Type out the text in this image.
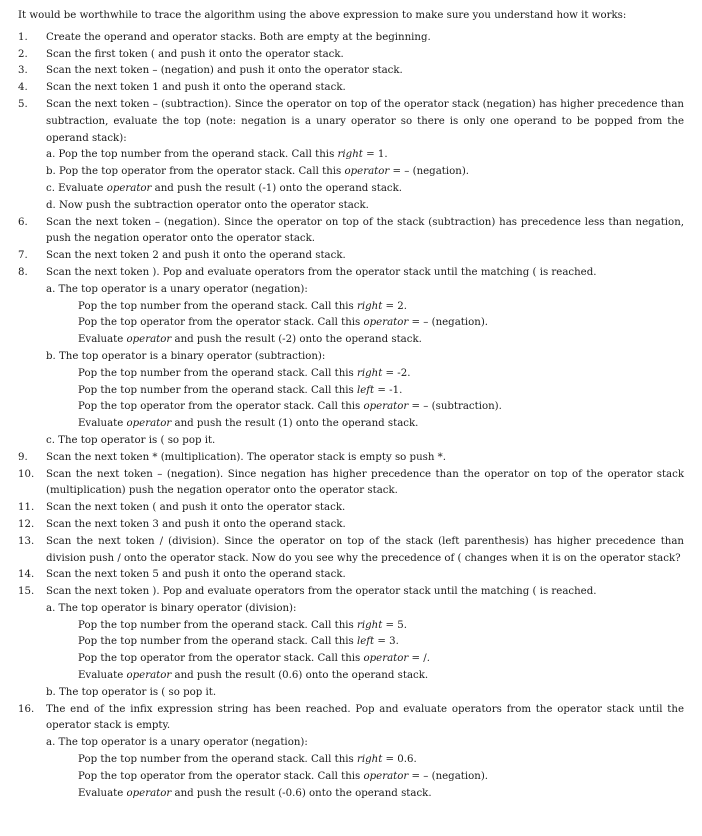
It would be worthwhile to trace the algorithm using the above expression to make sure you understand how it works:
1.	Create the operand and operator stacks. Both are empty at the beginning.
2.	Scan the first token ( and push it onto the operator stack.
3.	Scan the next token – (negation) and push it onto the operator stack.
4.	Scan the next token 1 and push it onto the operand stack.
5.	Scan the next token – (subtraction). Since the operator on top of the operator stack (negation) has higher precedence than subtraction, evaluate the top (note: negation is a unary operator so there is only one operand to be popped from the operand stack):
a. Pop the top number from the operand stack. Call this right = 1.
b. Pop the top operator from the operator stack. Call this operator = – (negation).
c. Evaluate operator and push the result (-1) onto the operand stack.
d. Now push the subtraction operator onto the operator stack.
6.	Scan the next token – (negation). Since the operator on top of the stack (subtraction) has precedence less than negation, push the negation operator onto the operator stack.
7.	Scan the next token 2 and push it onto the operand stack.
8.	Scan the next token ). Pop and evaluate operators from the operator stack until the matching ( is reached.
a. The top operator is a unary operator (negation):
Pop the top number from the operand stack. Call this right = 2.
Pop the top operator from the operator stack. Call this operator = – (negation).
Evaluate operator and push the result (-2) onto the operand stack.
b. The top operator is a binary operator (subtraction):
Pop the top number from the operand stack. Call this right = -2.
Pop the top number from the operand stack. Call this left = -1.
Pop the top operator from the operator stack. Call this operator = – (subtraction).
Evaluate operator and push the result (1) onto the operand stack.
c. The top operator is ( so pop it.
9.	Scan the next token * (multiplication). The operator stack is empty so push *.
10.	Scan the next token – (negation). Since negation has higher precedence than the operator on top of the operator stack (multiplication) push the negation operator onto the operator stack.
11.	Scan the next token ( and push it onto the operator stack.
12.	Scan the next token 3 and push it onto the operand stack.
13.	Scan the next token / (division). Since the operator on top of the stack (left parenthesis) has higher precedence than division push / onto the operator stack. Now do you see why the precedence of ( changes when it is on the operator stack?
14.	Scan the next token 5 and push it onto the operand stack.
15.	Scan the next token ). Pop and evaluate operators from the operator stack until the matching ( is reached.
a. The top operator is binary operator (division):
Pop the top number from the operand stack. Call this right = 5.
Pop the top number from the operand stack. Call this left = 3.
Pop the top operator from the operator stack. Call this operator = /.
Evaluate operator and push the result (0.6) onto the operand stack.
b. The top operator is ( so pop it.
16.	The end of the infix expression string has been reached. Pop and evaluate operators from the operator stack until the operator stack is empty.
a. The top operator is a unary operator (negation):
Pop the top number from the operand stack. Call this right = 0.6.
Pop the top operator from the operator stack. Call this operator = – (negation).
Evaluate operator and push the result (-0.6) onto the operand stack.
